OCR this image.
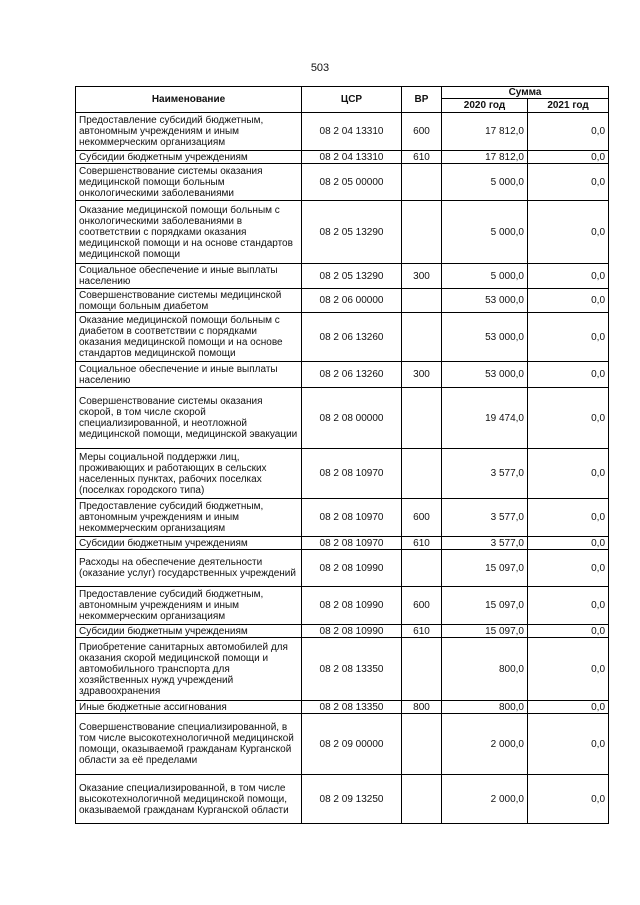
503
Наименование	ЦСР	ВР	Сумма	
			2020 год	2021 год
Предоставление субсидий бюджетным, автономным учреждениям и иным некоммерческим организациям	08 2 04 13310	600	17 812,0	0,0
Субсидии бюджетным учреждениям	08 2 04 13310	610	17 812,0	0,0
Совершенствование системы оказания медицинской помощи больным онкологическими заболеваниями	08 2 05 00000		5 000,0	0,0
Оказание медицинской помощи больным с онкологическими заболеваниями в соответствии с порядками оказания медицинской помощи и на основе стандартов медицинской помощи	08 2 05 13290		5 000,0	0,0
Социальное обеспечение и иные выплаты населению	08 2 05 13290	300	5 000,0	0,0
Совершенствование системы медицинской помощи больным диабетом	08 2 06 00000		53 000,0	0,0
Оказание медицинской помощи больным с диабетом в соответствии с порядками оказания медицинской помощи и на основе стандартов медицинской помощи	08 2 06 13260		53 000,0	0,0
Социальное обеспечение и иные выплаты населению	08 2 06 13260	300	53 000,0	0,0
Совершенствование системы оказания скорой, в том числе скорой специализированной, и неотложной медицинской помощи, медицинской эвакуации	08 2 08 00000		19 474,0	0,0
Меры социальной поддержки лиц, проживающих и работающих в сельских населенных пунктах, рабочих поселках (поселках городского типа)	08 2 08 10970		3 577,0	0,0
Предоставление субсидий бюджетным, автономным учреждениям и иным некоммерческим организациям	08 2 08 10970	600	3 577,0	0,0
Субсидии бюджетным учреждениям	08 2 08 10970	610	3 577,0	0,0
Расходы на обеспечение деятельности (оказание услуг) государственных учреждений	08 2 08 10990		15 097,0	0,0
Предоставление субсидий бюджетным, автономным учреждениям и иным некоммерческим организациям	08 2 08 10990	600	15 097,0	0,0
Субсидии бюджетным учреждениям	08 2 08 10990	610	15 097,0	0,0
Приобретение санитарных автомобилей для оказания скорой медицинской помощи и автомобильного транспорта для хозяйственных нужд учреждений здравоохранения	08 2 08 13350		800,0	0,0
Иные бюджетные ассигнования	08 2 08 13350	800	800,0	0,0
Совершенствование специализированной, в том числе высокотехнологичной медицинской помощи, оказываемой гражданам Курганской области за её пределами	08 2 09 00000		2 000,0	0,0
Оказание специализированной, в том числе высокотехнологичной медицинской помощи, оказываемой гражданам Курганской области	08 2 09 13250		2 000,0	0,0
